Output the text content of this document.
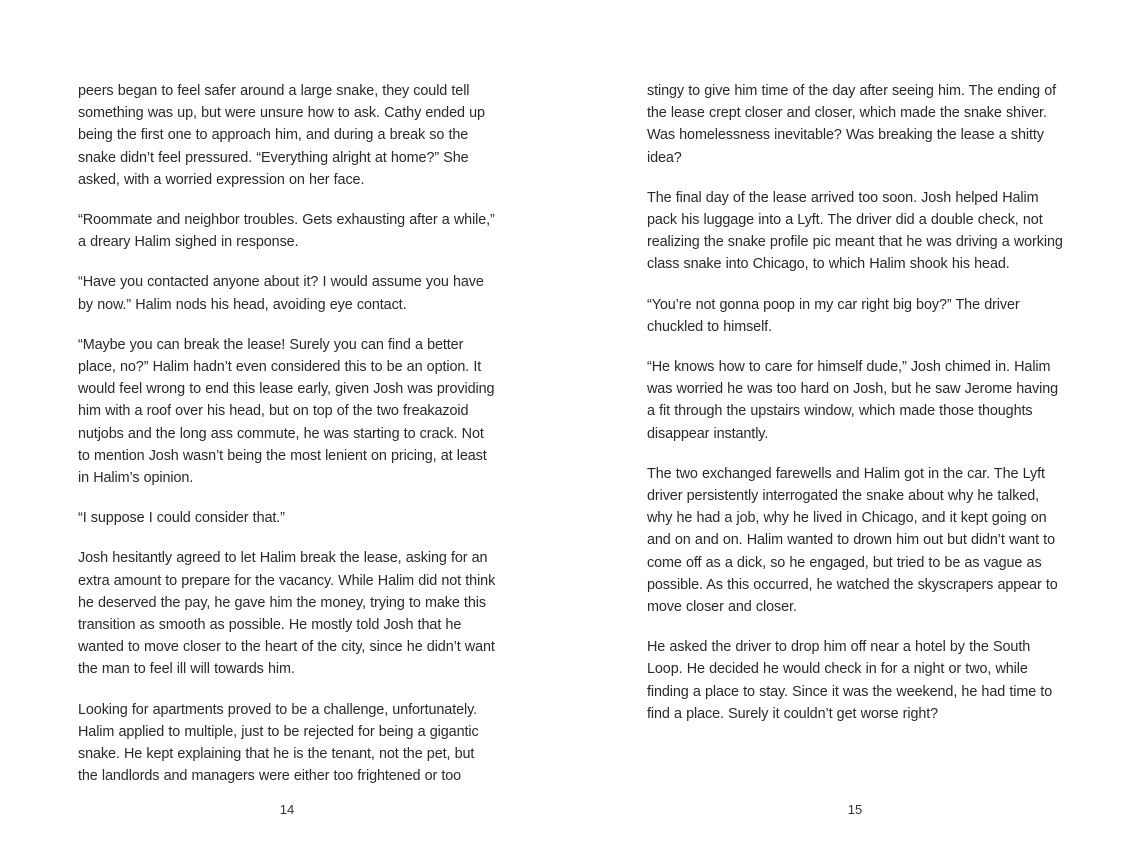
peers began to feel safer around a large snake, they could tell something was up, but were unsure how to ask. Cathy ended up being the first one to approach him, and during a break so the snake didn’t feel pressured. “Everything alright at home?” She asked, with a worried expression on her face.

“Roommate and neighbor troubles. Gets exhausting after a while,” a dreary Halim sighed in response.

“Have you contacted anyone about it? I would assume you have by now.” Halim nods his head, avoiding eye contact.

“Maybe you can break the lease! Surely you can find a better place, no?” Halim hadn’t even considered this to be an option. It would feel wrong to end this lease early, given Josh was providing him with a roof over his head, but on top of the two freakazoid nutjobs and the long ass commute, he was starting to crack. Not to mention Josh wasn’t being the most lenient on pricing, at least in Halim’s opinion.

“I suppose I could consider that.”

Josh hesitantly agreed to let Halim break the lease, asking for an extra amount to prepare for the vacancy. While Halim did not think he deserved the pay, he gave him the money, trying to make this transition as smooth as possible. He mostly told Josh that he wanted to move closer to the heart of the city, since he didn’t want the man to feel ill will towards him.

Looking for apartments proved to be a challenge, unfortunately. Halim applied to multiple, just to be rejected for being a gigantic snake. He kept explaining that he is the tenant, not the pet, but the landlords and managers were either too frightened or too

14

stingy to give him time of the day after seeing him. The ending of the lease crept closer and closer, which made the snake shiver. Was homelessness inevitable? Was breaking the lease a shitty idea?

The final day of the lease arrived too soon. Josh helped Halim pack his luggage into a Lyft. The driver did a double check, not realizing the snake profile pic meant that he was driving a working class snake into Chicago, to which Halim shook his head.

“You’re not gonna poop in my car right big boy?” The driver chuckled to himself.

“He knows how to care for himself dude,” Josh chimed in. Halim was worried he was too hard on Josh, but he saw Jerome having a fit through the upstairs window, which made those thoughts disappear instantly.

The two exchanged farewells and Halim got in the car. The Lyft driver persistently interrogated the snake about why he talked, why he had a job, why he lived in Chicago, and it kept going on and on and on. Halim wanted to drown him out but didn’t want to come off as a dick, so he engaged, but tried to be as vague as possible. As this occurred, he watched the skyscrapers appear to move closer and closer.

He asked the driver to drop him off near a hotel by the South Loop. He decided he would check in for a night or two, while finding a place to stay. Since it was the weekend, he had time to find a place. Surely it couldn’t get worse right?

15
